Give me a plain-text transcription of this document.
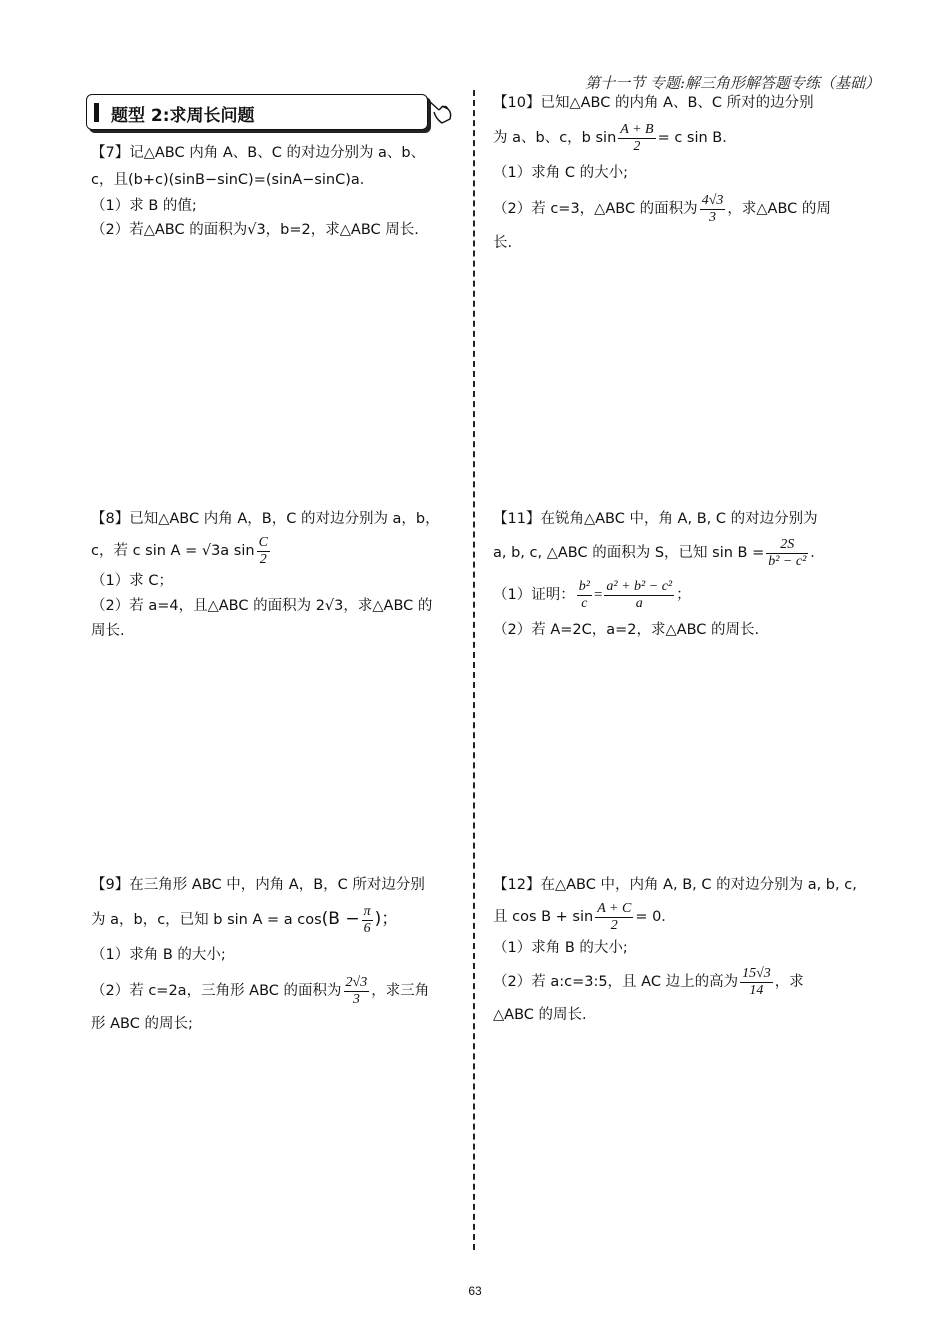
第十一节 专题:解三角形解答题专练（基础）
题型 2:求周长问题
【7】记△ABC 内角 A、B、C 的对边分别为 a、b、
c，且(b+c)(sinB−sinC)=(sinA−sinC)a．
（1）求 B 的值;
（2）若△ABC 的面积为√3，b=2，求△ABC 周长.
【8】已知△ABC 内角 A，B，C 的对边分别为 a，b，
c，若 c sin A = √3a $\sin \frac{C}{2}$
（1）求 C；
（2）若 a=4，且△ABC 的面积为 2√3，求△ABC 的
周长.
【9】在三角形 ABC 中，内角 A，B，C 所对边分别
为 a，b，c，已知 b sin A = a $\cos(B - \frac{\pi}{6}$ )；
（1）求角 B 的大小;
（2）若 c=2a，三角形 ABC 的面积为 $\frac{2√3}{3}$ ，求三角
形 ABC 的周长;
【10】已知△ABC 的内角 A、B、C 所对的边分别
为 a、b、c，b $\sin \frac{A + B}{2} = c$ sin B．
（1）求角 C 的大小;
（2）若 c=3，△ABC 的面积为 $\frac{4√3}{3}$ ，求△ABC 的周
长.
【11】在锐角△ABC 中，角 A, B, C 的对边分别为
a, b, c, △ABC 的面积为 S，已知 $\sin B = \frac{2S}{\text{b² − c²}}$ ．
（1）证明： $\frac{\text{b²}}{c} = \frac{\text{a² + b² − c²}}{a}$ ；
（2）若 A=2C，a=2，求△ABC 的周长.
【12】在△ABC 中，内角 A, B, C 的对边分别为 a, b, c,
且 $\cos B + \sin \frac{A + C}{2} = 0$．
（1）求角 B 的大小;
（2）若 a:c=3:5，且 AC 边上的高为 $\frac{15√3}{14}$ ，求
△ABC 的周长.
63
